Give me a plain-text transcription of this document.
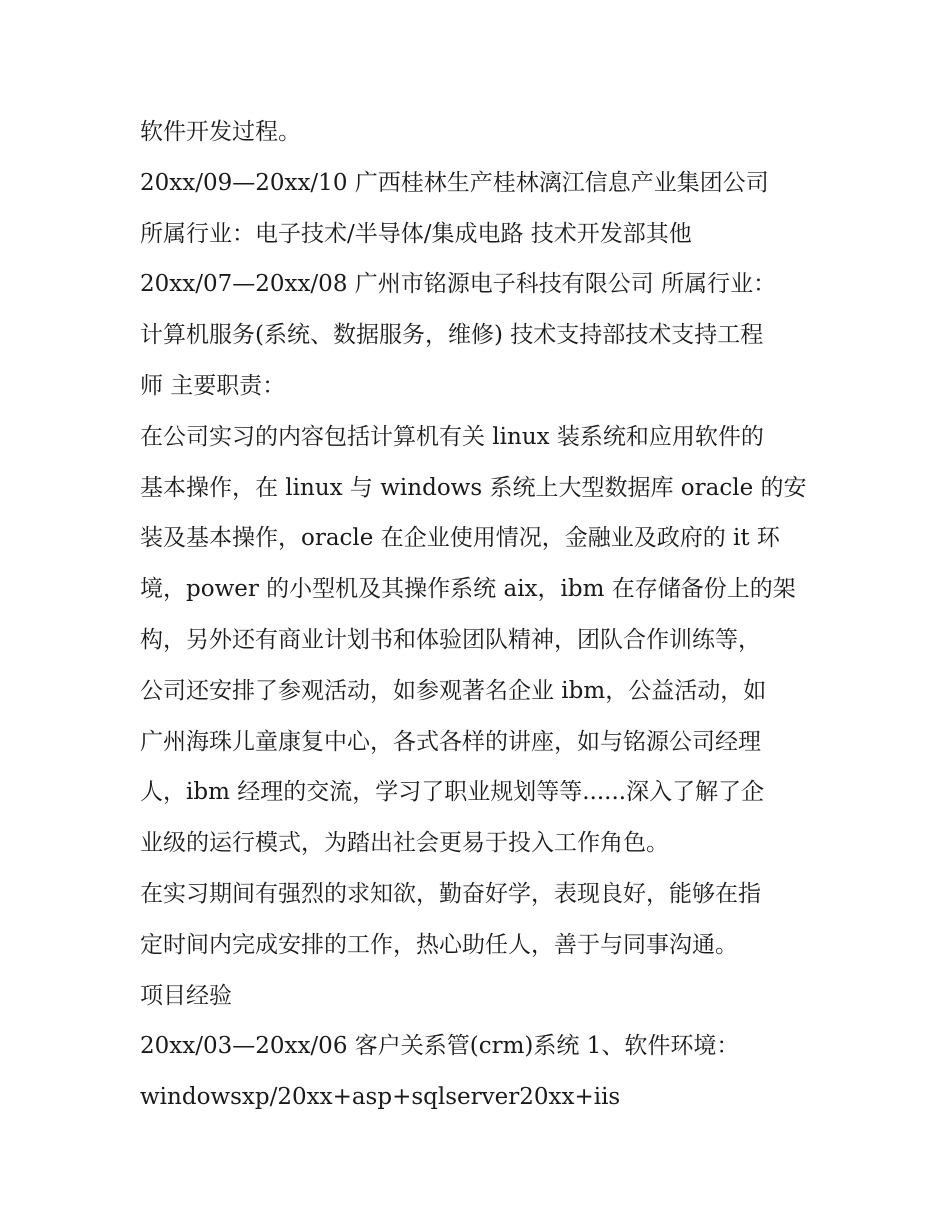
软件开发过程。
20xx/09—20xx/10 广西桂林生产桂林漓江信息产业集团公司
所属行业：电子技术/半导体/集成电路 技术开发部其他
20xx/07—20xx/08 广州市铭源电子科技有限公司 所属行业：
计算机服务(系统、数据服务，维修) 技术支持部技术支持工程
师 主要职责：
在公司实习的内容包括计算机有关 linux 装系统和应用软件的
基本操作，在 linux 与 windows 系统上大型数据库 oracle 的安
装及基本操作，oracle 在企业使用情况，金融业及政府的 it 环
境，power 的小型机及其操作系统 aix，ibm 在存储备份上的架
构，另外还有商业计划书和体验团队精神，团队合作训练等，
公司还安排了参观活动，如参观著名企业 ibm，公益活动，如
广州海珠儿童康复中心，各式各样的讲座，如与铭源公司经理
人，ibm 经理的交流，学习了职业规划等等......深入了解了企
业级的运行模式，为踏出社会更易于投入工作角色。
在实习期间有强烈的求知欲，勤奋好学，表现良好，能够在指
定时间内完成安排的工作，热心助任人，善于与同事沟通。
项目经验
20xx/03—20xx/06 客户关系管(crm)系统 1、软件环境：
windowsxp/20xx+asp+sqlserver20xx+iis
